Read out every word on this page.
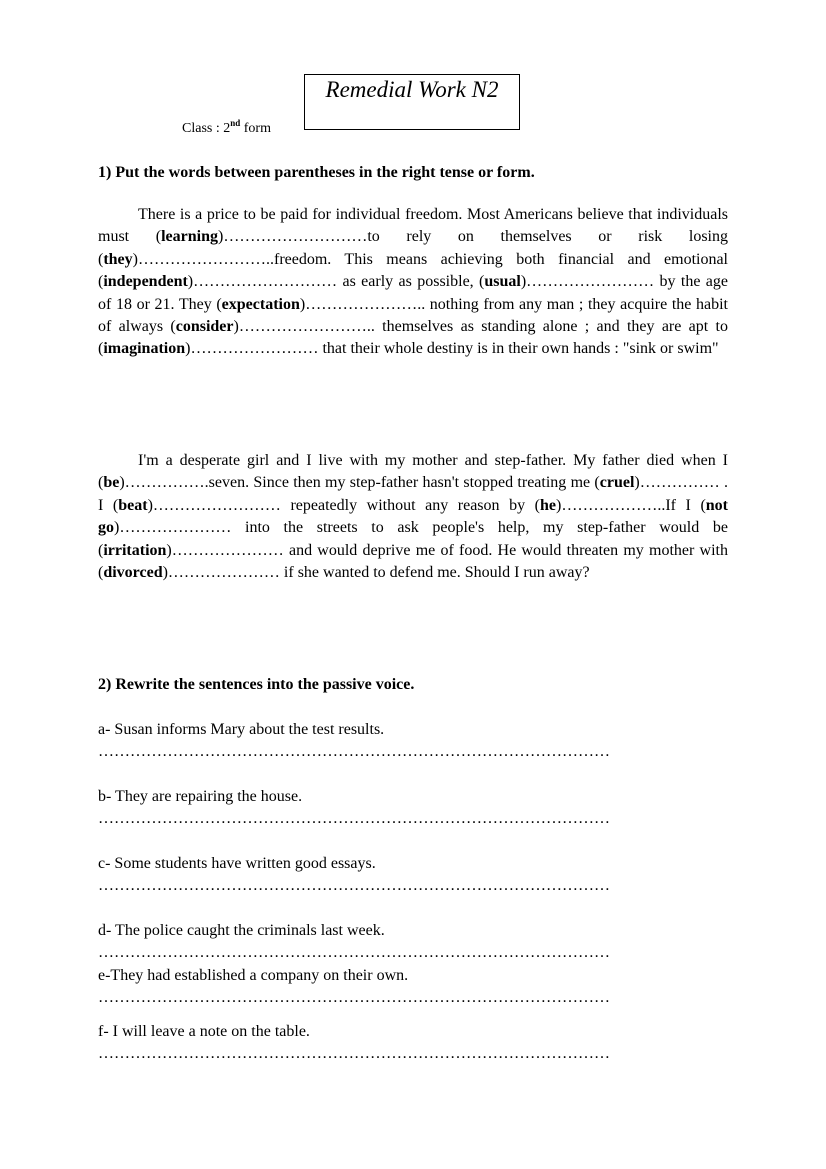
Remedial Work N2
Class : 2nd form
1) Put the words between parentheses in the right tense or form.
There is a price to be paid for individual freedom. Most Americans believe that individuals must (learning)………………………to rely on themselves or risk losing (they)……………………..freedom. This means achieving both financial and emotional (independent)……………………… as early as possible, (usual)…………………… by the age of 18 or 21. They (expectation)………………….. nothing from any man ; they acquire the habit of always (consider)…………………….. themselves as standing alone ; and they are apt to (imagination)…………………… that their whole destiny is in their own hands : "sink or swim"
I'm a desperate girl and I live with my mother and step-father. My father died when I (be)…………….seven. Since then my step-father hasn't stopped treating me (cruel)…………… . I (beat)…………………… repeatedly without any reason by (he)………………..If I (not go)………………… into the streets to ask people's help, my step-father would be (irritation)………………… and would deprive me of food. He would threaten my mother with (divorced)………………… if she wanted to defend me. Should I run away?
2) Rewrite the sentences into the passive voice.
a- Susan informs Mary about the test results.
……………………………………………………………………………………
b- They are repairing the house.
……………………………………………………………………………………
c- Some students have written good essays.
……………………………………………………………………………………
d- The police caught the criminals last week.
……………………………………………………………………………………
e-They had established a company on their own.
……………………………………………………………………………………
f- I will leave a note on the table.
……………………………………………………………………………………
